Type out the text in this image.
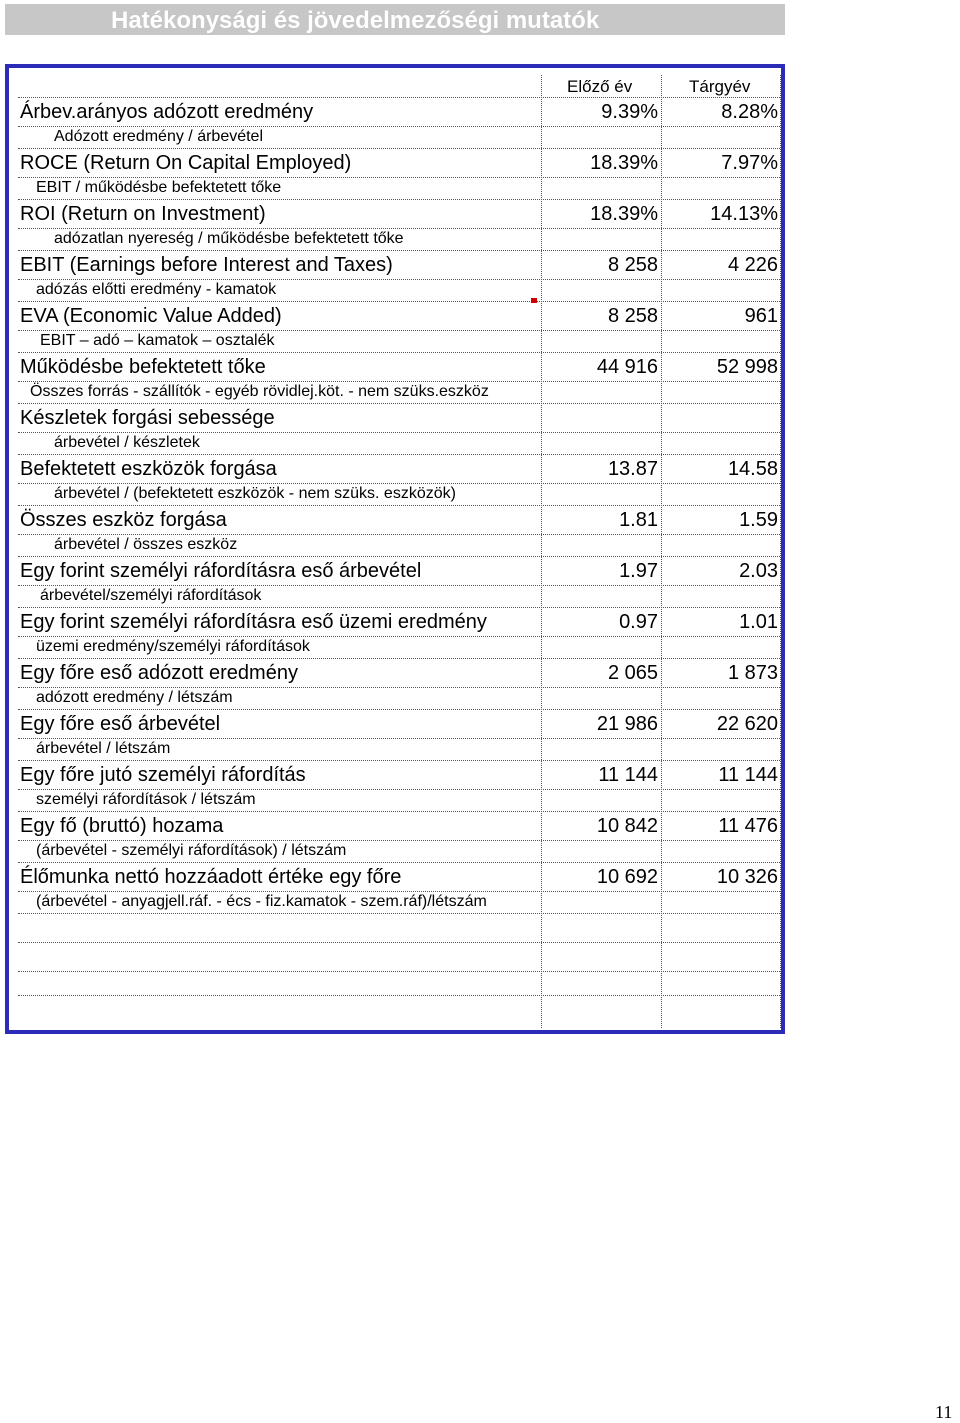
Hatékonysági és jövedelmezőségi mutatók
Előző év	Tárgyév
Árbev.arányos adózott eredmény	9.39%	8.28%
Adózott eredmény / árbevétel
ROCE (Return On Capital Employed)	18.39%	7.97%
EBIT / működésbe befektetett tőke
ROI (Return on Investment)	18.39%	14.13%
adózatlan nyereség / működésbe befektetett tőke
EBIT (Earnings before Interest and Taxes)	8 258	4 226
adózás előtti eredmény - kamatok
EVA (Economic Value Added)	8 258	961
EBIT – adó – kamatok – osztalék
Működésbe befektetett tőke	44 916	52 998
Összes forrás - szállítók - egyéb rövidlej.köt. - nem szüks.eszköz
Készletek forgási sebessége
árbevétel / készletek
Befektetett eszközök forgása	13.87	14.58
árbevétel / (befektetett eszközök - nem szüks. eszközök)
Összes eszköz forgása	1.81	1.59
árbevétel / összes eszköz
Egy forint személyi ráfordításra eső árbevétel	1.97	2.03
árbevétel/személyi ráfordítások
Egy forint személyi ráfordításra eső üzemi eredmény	0.97	1.01
üzemi eredmény/személyi ráfordítások
Egy főre eső adózott eredmény	2 065	1 873
adózott eredmény / létszám
Egy főre eső árbevétel	21 986	22 620
árbevétel / létszám
Egy főre jutó személyi ráfordítás	11 144	11 144
személyi ráfordítások / létszám
Egy fő (bruttó) hozama	10 842	11 476
(árbevétel - személyi ráfordítások) / létszám
Élőmunka nettó hozzáadott értéke egy főre	10 692	10 326
(árbevétel - anyagjell.ráf. - écs - fiz.kamatok - szem.ráf)/létszám
11
